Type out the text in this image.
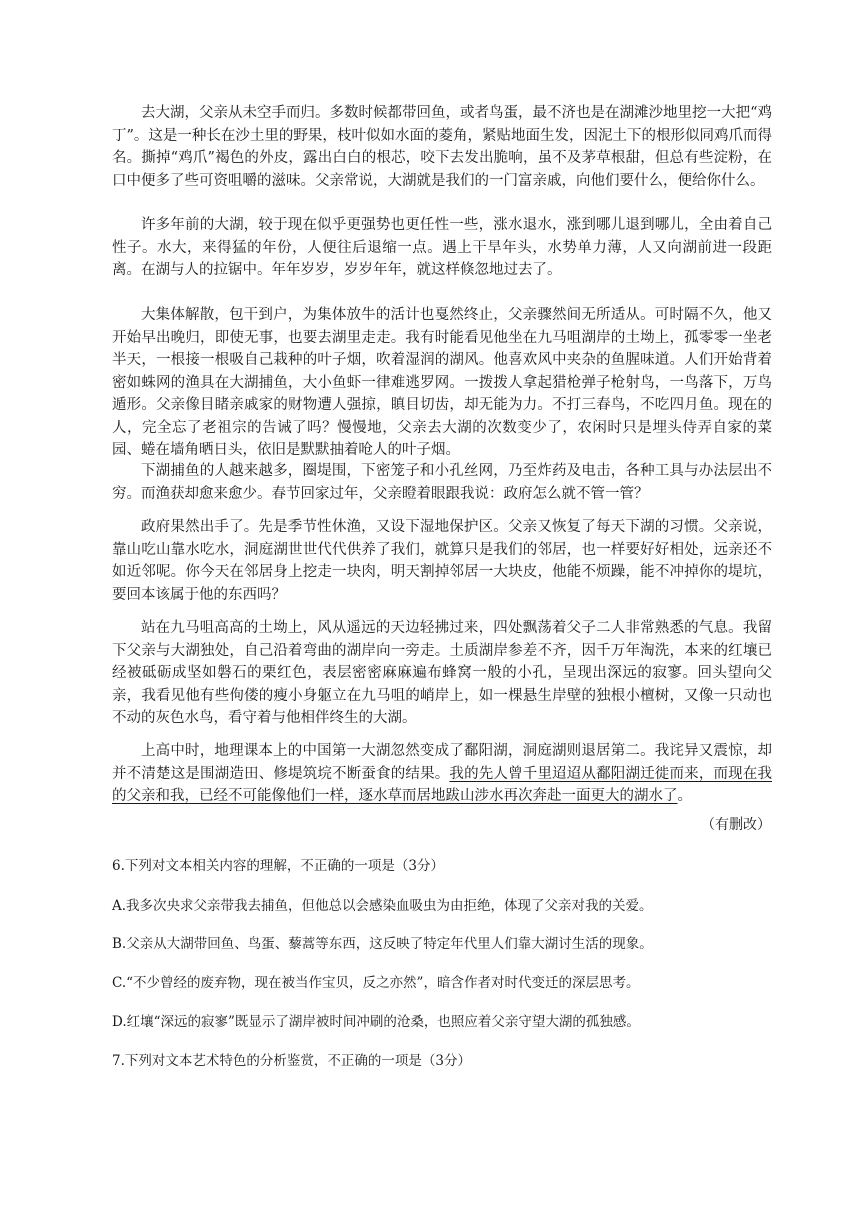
去大湖，父亲从未空手而归。多数时候都带回鱼，或者鸟蛋，最不济也是在湖滩沙地里挖一大把“鸡丁”。这是一种长在沙土里的野果，枝叶似如水面的菱角，紧贴地面生发，因泥土下的根形似同鸡爪而得名。撕掉“鸡爪”褐色的外皮，露出白白的根芯，咬下去发出脆响，虽不及茅草根甜，但总有些淀粉，在口中便多了些可资咀嚼的滋味。父亲常说，大湖就是我们的一门富亲戚，向他们要什么，便给你什么。

许多年前的大湖，较于现在似乎更强势也更任性一些，涨水退水，涨到哪儿退到哪儿，全由着自己性子。水大，来得猛的年份，人便往后退缩一点。遇上干旱年头，水势单力薄，人又向湖前进一段距离。在湖与人的拉锯中。年年岁岁，岁岁年年，就这样倏忽地过去了。

大集体解散，包干到户，为集体放牛的活计也戛然终止，父亲骤然间无所适从。可时隔不久，他又开始早出晚归，即使无事，也要去湖里走走。我有时能看见他坐在九马咀湖岸的土坳上，孤零零一坐老半天，一根接一根吸自己栽种的叶子烟，吹着湿润的湖风。他喜欢风中夹杂的鱼腥味道。人们开始背着密如蛛网的渔具在大湖捕鱼，大小鱼虾一律难逃罗网。一拨拨人拿起猎枪弹子枪射鸟，一鸟落下，万鸟遁形。父亲像目睹亲戚家的财物遭人强掠，瞋目切齿，却无能为力。不打三春鸟，不吃四月鱼。现在的人，完全忘了老祖宗的告诫了吗？慢慢地，父亲去大湖的次数变少了，农闲时只是埋头侍弄自家的菜园、蜷在墙角晒日头，依旧是默默抽着呛人的叶子烟。

下湖捕鱼的人越来越多，圈堤围，下密笼子和小孔丝网，乃至炸药及电击，各种工具与办法层出不穷。而渔获却愈来愈少。春节回家过年，父亲瞪着眼跟我说：政府怎么就不管一管？

政府果然出手了。先是季节性休渔，又设下湿地保护区。父亲又恢复了每天下湖的习惯。父亲说，靠山吃山靠水吃水，洞庭湖世世代代供养了我们，就算只是我们的邻居，也一样要好好相处，远亲还不如近邻呢。你今天在邻居身上挖走一块肉，明天割掉邻居一大块皮，他能不烦躁，能不冲掉你的堤坑，要回本该属于他的东西吗？

站在九马咀高高的土坳上，风从遥远的天边轻拂过来，四处飘荡着父子二人非常熟悉的气息。我留下父亲与大湖独处，自己沿着弯曲的湖岸向一旁走。土质湖岸参差不齐，因千万年淘洗，本来的红壤已经被砥砺成坚如磐石的栗红色，表层密密麻麻遍布蜂窝一般的小孔，呈现出深远的寂寥。回头望向父亲，我看见他有些佝偻的瘦小身躯立在九马咀的峭岸上，如一棵悬生岸壁的独根小檀树，又像一只动也不动的灰色水鸟，看守着与他相伴终生的大湖。

上高中时，地理课本上的中国第一大湖忽然变成了鄱阳湖，洞庭湖则退居第二。我诧异又震惊，却并不清楚这是围湖造田、修堤筑垸不断蚕食的结果。我的先人曾千里迢迢从鄱阳湖迁徙而来，而现在我的父亲和我，已经不可能像他们一样，逐水草而居地跋山涉水再次奔赴一面更大的湖水了。

（有删改）

6.下列对文本相关内容的理解，不正确的一项是（3分）

A.我多次央求父亲带我去捕鱼，但他总以会感染血吸虫为由拒绝，体现了父亲对我的关爱。

B.父亲从大湖带回鱼、鸟蛋、藜蒿等东西，这反映了特定年代里人们靠大湖讨生活的现象。

C.“不少曾经的废弃物，现在被当作宝贝，反之亦然”，暗含作者对时代变迁的深层思考。

D.红壤“深远的寂寥”既显示了湖岸被时间冲刷的沧桑，也照应着父亲守望大湖的孤独感。

7.下列对文本艺术特色的分析鉴赏，不正确的一项是（3分）
